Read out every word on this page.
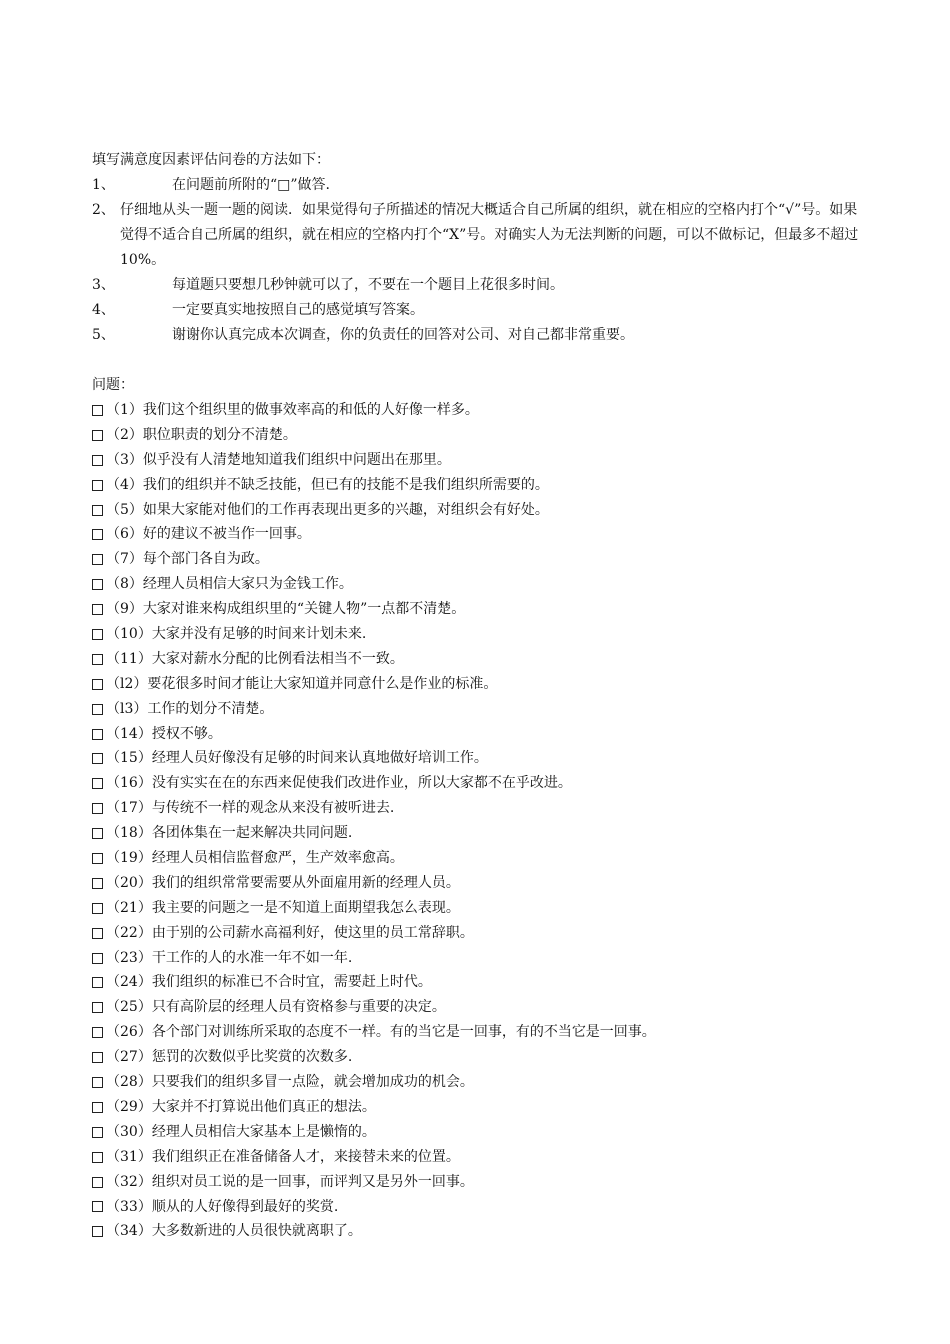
填写满意度因素评估问卷的方法如下：
1、	在问题前所附的“□”做答.
2、 仔细地从头一题一题的阅读．如果觉得句子所描述的情况大概适合自己所属的组织，就在相应的空格内打个“√”号。如果觉得不适合自己所属的组织，就在相应的空格内打个“X”号。对确实人为无法判断的问题，可以不做标记，但最多不超过10%。
3、	每道题只要想几秒钟就可以了，不要在一个题目上花很多时间。
4、	一定要真实地按照自己的感觉填写答案。
5、	谢谢你认真完成本次调查，你的负责任的回答对公司、对自己都非常重要。
问题：
（1）我们这个组织里的做事效率高的和低的人好像一样多。
（2）职位职责的划分不清楚。
（3）似乎没有人清楚地知道我们组织中问题出在那里。
（4）我们的组织并不缺乏技能，但已有的技能不是我们组织所需要的。
（5）如果大家能对他们的工作再表现出更多的兴趣，对组织会有好处。
（6）好的建议不被当作一回事。
（7）每个部门各自为政。
（8）经理人员相信大家只为金钱工作。
（9）大家对谁来构成组织里的“关键人物”一点都不清楚。
（10）大家并没有足够的时间来计划未来.
（11）大家对薪水分配的比例看法相当不一致。
（l2）要花很多时间才能让大家知道并同意什么是作业的标准。
（l3）工作的划分不清楚。
（14）授权不够。
（15）经理人员好像没有足够的时间来认真地做好培训工作。
（16）没有实实在在的东西来促使我们改进作业，所以大家都不在乎改进。
（17）与传统不一样的观念从来没有被听进去.
（18）各团体集在一起来解决共同问题.
（19）经理人员相信监督愈严，生产效率愈高。
（20）我们的组织常常要需要从外面雇用新的经理人员。
（21）我主要的问题之一是不知道上面期望我怎么表现。
（22）由于别的公司薪水高福利好，使这里的员工常辞职。
（23）干工作的人的水准一年不如一年.
（24）我们组织的标准已不合时宜，需要赶上时代。
（25）只有高阶层的经理人员有资格参与重要的决定。
（26）各个部门对训练所采取的态度不一样。有的当它是一回事，有的不当它是一回事。
（27）惩罚的次数似乎比奖赏的次数多.
（28）只要我们的组织多冒一点险，就会增加成功的机会。
（29）大家并不打算说出他们真正的想法。
（30）经理人员相信大家基本上是懒惰的。
（31）我们组织正在准备储备人才，来接替未来的位置。
（32）组织对员工说的是一回事，而评判又是另外一回事。
（33）顺从的人好像得到最好的奖赏.
（34）大多数新进的人员很快就离职了。
